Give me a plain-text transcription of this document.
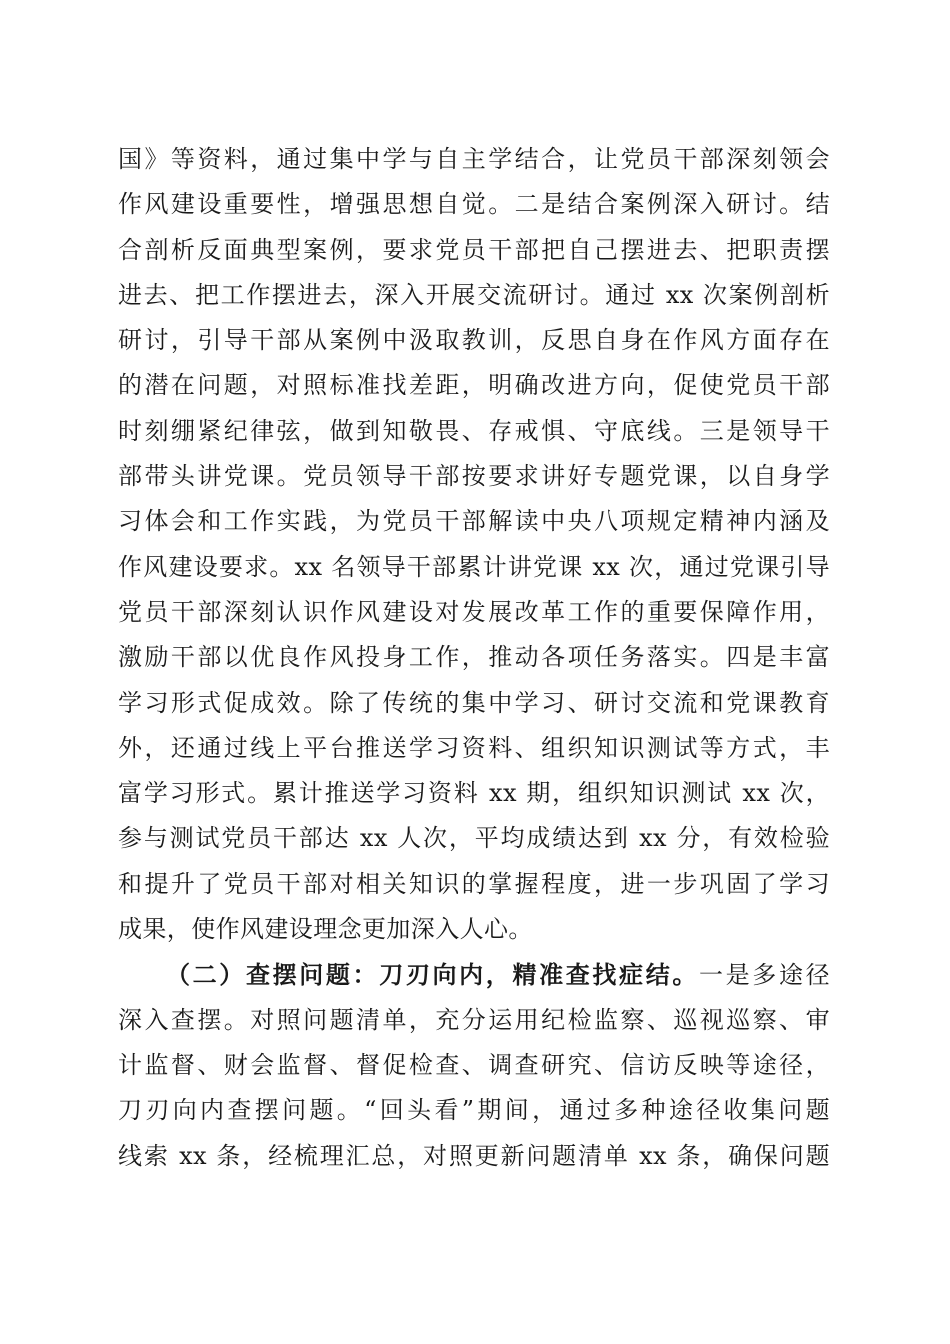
国》等资料，通过集中学与自主学结合，让党员干部深刻领会
作风建设重要性，增强思想自觉。二是结合案例深入研讨。结
合剖析反面典型案例，要求党员干部把自己摆进去、把职责摆
进去、把工作摆进去，深入开展交流研讨。通过 xx 次案例剖析
研讨，引导干部从案例中汲取教训，反思自身在作风方面存在
的潜在问题，对照标准找差距，明确改进方向，促使党员干部
时刻绷紧纪律弦，做到知敬畏、存戒惧、守底线。三是领导干
部带头讲党课。党员领导干部按要求讲好专题党课，以自身学
习体会和工作实践，为党员干部解读中央八项规定精神内涵及
作风建设要求。xx 名领导干部累计讲党课 xx 次，通过党课引导
党员干部深刻认识作风建设对发展改革工作的重要保障作用，
激励干部以优良作风投身工作，推动各项任务落实。四是丰富
学习形式促成效。除了传统的集中学习、研讨交流和党课教育
外，还通过线上平台推送学习资料、组织知识测试等方式，丰
富学习形式。累计推送学习资料 xx 期，组织知识测试 xx 次，
参与测试党员干部达 xx 人次，平均成绩达到 xx 分，有效检验
和提升了党员干部对相关知识的掌握程度，进一步巩固了学习
成果，使作风建设理念更加深入人心。
（二）查摆问题：刀刃向内，精准查找症结。一是多途径
深入查摆。对照问题清单，充分运用纪检监察、巡视巡察、审
计监督、财会监督、督促检查、调查研究、信访反映等途径，
刀刃向内查摆问题。“回头看”期间，通过多种途径收集问题
线索 xx 条，经梳理汇总，对照更新问题清单 xx 条，确保问题
